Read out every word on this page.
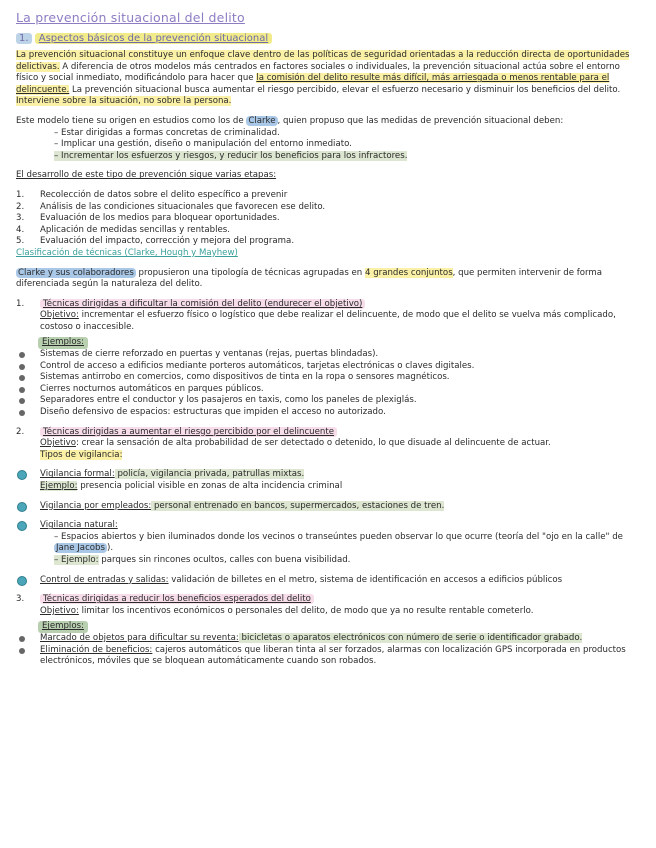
La prevención situacional del delito

1. Aspectos básicos de la prevención situacional

La prevención situacional constituye un enfoque clave dentro de las políticas de seguridad orientadas a la reducción directa de oportunidades delictivas. A diferencia de otros modelos más centrados en factores sociales o individuales, la prevención situacional actúa sobre el entorno físico y social inmediato, modificándolo para hacer que la comisión del delito resulte más difícil, más arriesgada o menos rentable para el delincuente. La prevención situacional busca aumentar el riesgo percibido, elevar el esfuerzo necesario y disminuir los beneficios del delito. Interviene sobre la situación, no sobre la persona.

Este modelo tiene su origen en estudios como los de Clarke , quien propuso que las medidas de prevención situacional deben:

– Estar dirigidas a formas concretas de criminalidad.

– Implicar una gestión, diseño o manipulación del entorno inmediato.

– Incrementar los esfuerzos y riesgos, y reducir los beneficios para los infractores.

El desarrollo de este tipo de prevención sigue varias etapas:

1. Recolección de datos sobre el delito específico a prevenir
2. Análisis de las condiciones situacionales que favorecen ese delito.
3. Evaluación de los medios para bloquear oportunidades.
4. Aplicación de medidas sencillas y rentables.
5. Evaluación del impacto, corrección y mejora del programa.

Clasificación de técnicas (Clarke, Hough y Mayhew)

Clarke y sus colaboradores propusieron una tipología de técnicas agrupadas en 4 grandes conjuntos, que permiten intervenir de forma diferenciada según la naturaleza del delito.

1. Técnicas dirigidas a dificultar la comisión del delito (endurecer el objetivo)

Objetivo: incrementar el esfuerzo físico o logístico que debe realizar el delincuente, de modo que el delito se vuelva más complicado, costoso o inaccesible.

Ejemplos:
Sistemas de cierre reforzado en puertas y ventanas (rejas, puertas blindadas).
Control de acceso a edificios mediante porteros automáticos, tarjetas electrónicas o claves digitales.
Sistemas antirrobo en comercios, como dispositivos de tinta en la ropa o sensores magnéticos.
Cierres nocturnos automáticos en parques públicos.
Separadores entre el conductor y los pasajeros en taxis, como los paneles de plexiglás.
Diseño defensivo de espacios: estructuras que impiden el acceso no autorizado.

2. Técnicas dirigidas a aumentar el riesgo percibido por el delincuente

Objetivo: crear la sensación de alta probabilidad de ser detectado o detenido, lo que disuade al delincuente de actuar.

Tipos de vigilancia:

Vigilancia formal: policía, vigilancia privada, patrullas mixtas.

Ejemplo: presencia policial visible en zonas de alta incidencia criminal

Vigilancia por empleados: personal entrenado en bancos, supermercados, estaciones de tren.

Vigilancia natural:

– Espacios abiertos y bien iluminados donde los vecinos o transeúntes pueden observar lo que ocurre (teoría del "ojo en la calle" de Jane Jacobs ).

– Ejemplo: parques sin rincones ocultos, calles con buena visibilidad.

Control de entradas y salidas: validación de billetes en el metro, sistema de identificación en accesos a edificios públicos

3. Técnicas dirigidas a reducir los beneficios esperados del delito

Objetivo: limitar los incentivos económicos o personales del delito, de modo que ya no resulte rentable cometerlo.

Ejemplos:
Marcado de objetos para dificultar su reventa: bicicletas o aparatos electrónicos con número de serie o identificador grabado.
Eliminación de beneficios: cajeros automáticos que liberan tinta al ser forzados, alarmas con localización GPS incorporada en productos electrónicos, móviles que se bloquean automáticamente cuando son robados.
